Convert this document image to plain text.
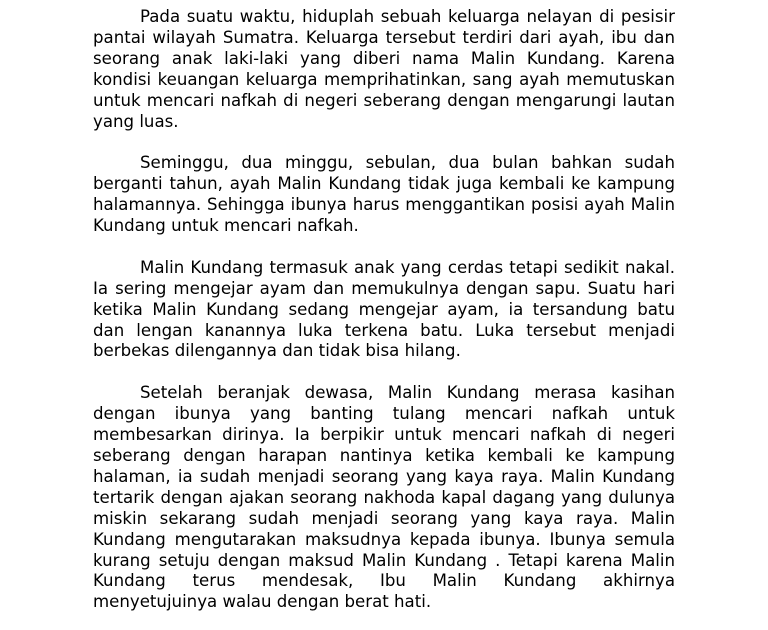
Pada suatu waktu, hiduplah sebuah keluarga nelayan di pesisir pantai wilayah Sumatra. Keluarga tersebut terdiri dari ayah, ibu dan seorang anak laki-laki yang diberi nama Malin Kundang. Karena kondisi keuangan keluarga memprihatinkan, sang ayah memutuskan untuk mencari nafkah di negeri seberang dengan mengarungi lautan yang luas.

Seminggu, dua minggu, sebulan, dua bulan bahkan sudah berganti tahun, ayah Malin Kundang tidak juga kembali ke kampung halamannya. Sehingga ibunya harus menggantikan posisi ayah Malin Kundang untuk mencari nafkah.

Malin Kundang termasuk anak yang cerdas tetapi sedikit nakal. Ia sering mengejar ayam dan memukulnya dengan sapu. Suatu hari ketika Malin Kundang sedang mengejar ayam, ia tersandung batu dan lengan kanannya luka terkena batu. Luka tersebut menjadi berbekas dilengannya dan tidak bisa hilang.

Setelah beranjak dewasa, Malin Kundang merasa kasihan dengan ibunya yang banting tulang mencari nafkah untuk membesarkan dirinya. Ia berpikir untuk mencari nafkah di negeri seberang dengan harapan nantinya ketika kembali ke kampung halaman, ia sudah menjadi seorang yang kaya raya. Malin Kundang tertarik dengan ajakan seorang nakhoda kapal dagang yang dulunya miskin sekarang sudah menjadi seorang yang kaya raya. Malin Kundang mengutarakan maksudnya kepada ibunya. Ibunya semula kurang setuju dengan maksud Malin Kundang . Tetapi karena Malin Kundang terus mendesak, Ibu Malin Kundang akhirnya menyetujuinya walau dengan berat hati.
